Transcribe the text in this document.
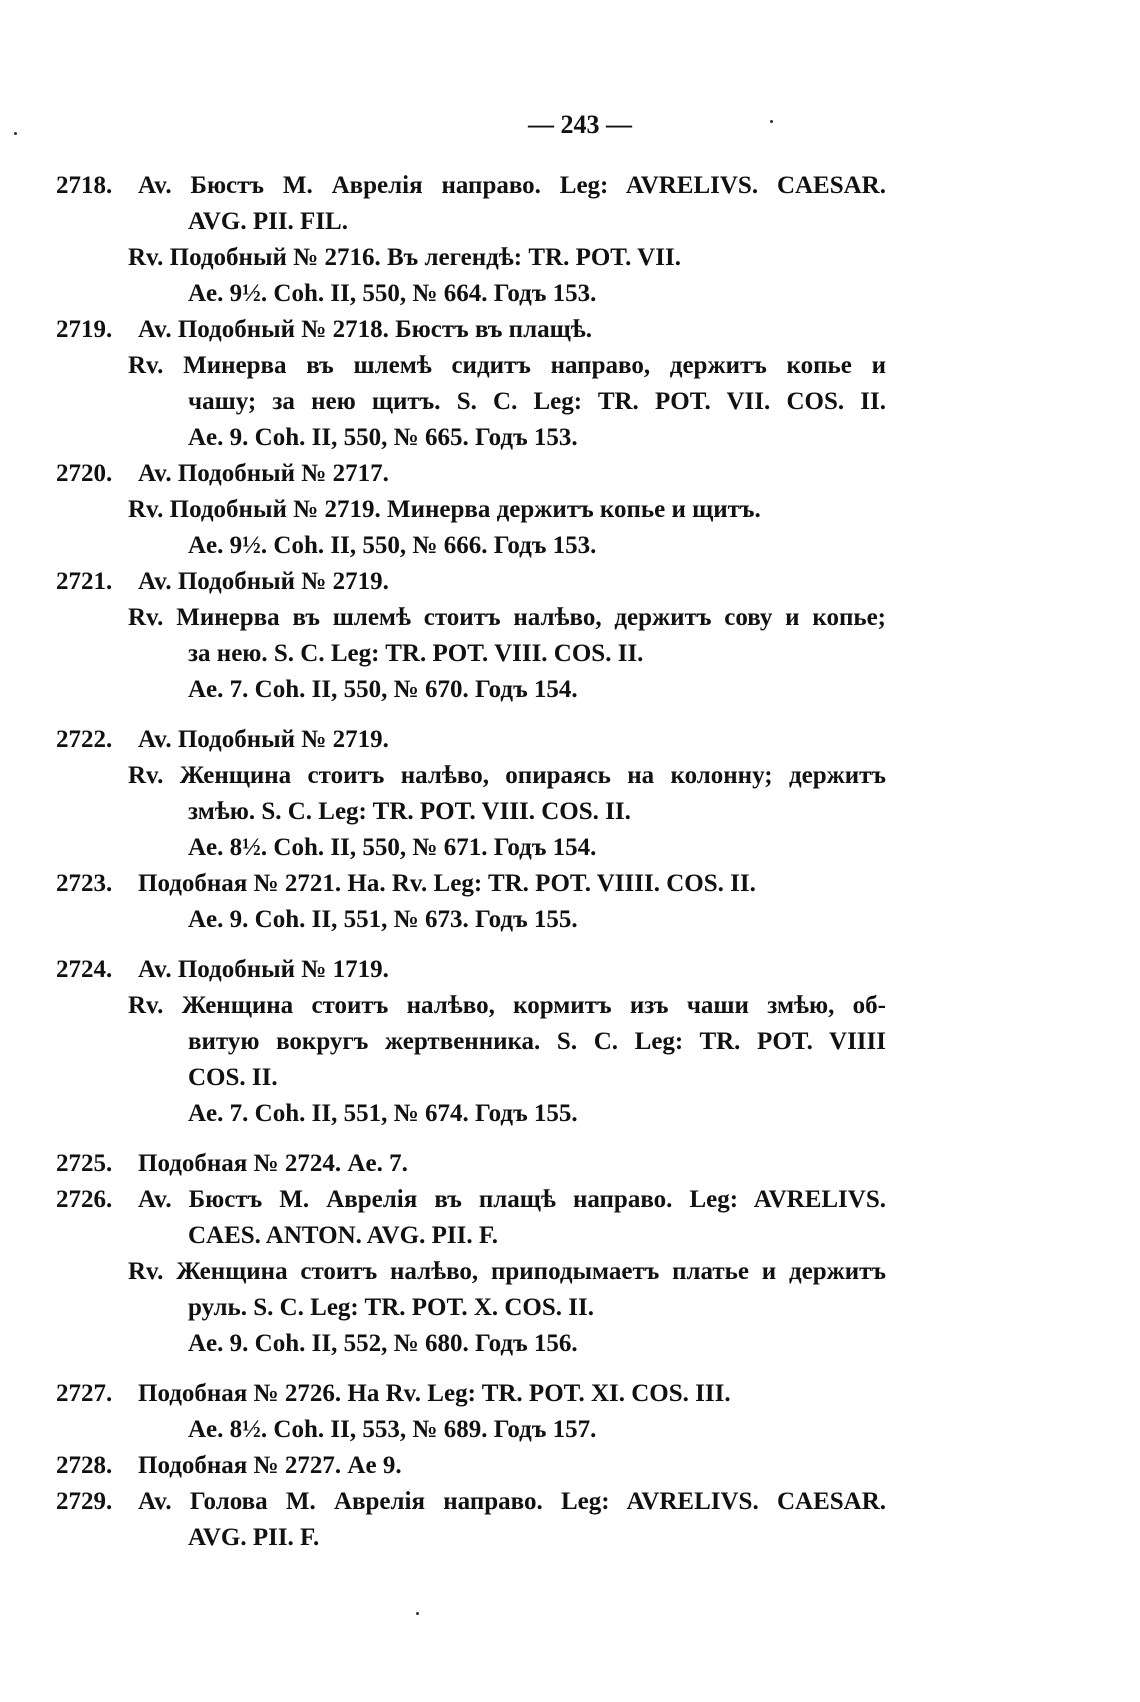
— 243 —
2718. Av. Бюстъ M. Аврелія направо. Leg: AVRELIVS. CAESAR.
AVG. PII. FIL.
Rv. Подобный № 2716. Въ легендѣ: TR. POT. VII.
Ae. 9½. Coh. II, 550, № 664. Годъ 153.
2719. Av. Подобный № 2718. Бюстъ въ плащѣ.
Rv. Минерва въ шлемѣ сидитъ направо, держитъ копье и
чашу; за нею щитъ. S. C. Leg: TR. POT. VII. COS. II.
Ae. 9. Coh. II, 550, № 665. Годъ 153.
2720. Av. Подобный № 2717.
Rv. Подобный № 2719. Минерва держитъ копье и щитъ.
Ae. 9½. Coh. II, 550, № 666. Годъ 153.
2721. Av. Подобный № 2719.
Rv. Минерва въ шлемѣ стоитъ налѣво, держитъ сову и копье;
за нею. S. C. Leg: TR. POT. VIII. COS. II.
Ae. 7. Coh. II, 550, № 670. Годъ 154.
2722. Av. Подобный № 2719.
Rv. Женщина стоитъ налѣво, опираясь на колонну; держитъ
змѣю. S. C. Leg: TR. POT. VIII. COS. II.
Ae. 8½. Coh. II, 550, № 671. Годъ 154.
2723. Подобная № 2721. На. Rv. Leg: TR. POT. VIIII. COS. II.
Ae. 9. Coh. II, 551, № 673. Годъ 155.
2724. Av. Подобный № 1719.
Rv. Женщина стоитъ налѣво, кормитъ изъ чаши змѣю, об-
витую вокругъ жертвенника. S. C. Leg: TR. POT. VIIII
COS. II.
Ae. 7. Coh. II, 551, № 674. Годъ 155.
2725. Подобная № 2724. Ae. 7.
2726. Av. Бюстъ M. Аврелія въ плащѣ направо. Leg: AVRELIVS.
CAES. ANTON. AVG. PII. F.
Rv. Женщина стоитъ налѣво, приподымаетъ платье и держитъ
руль. S. C. Leg: TR. POT. X. COS. II.
Ae. 9. Coh. II, 552, № 680. Годъ 156.
2727. Подобная № 2726. На Rv. Leg: TR. POT. XI. COS. III.
Ae. 8½. Coh. II, 553, № 689. Годъ 157.
2728. Подобная № 2727. Ae 9.
2729. Av. Голова M. Аврелія направо. Leg: AVRELIVS. CAESAR.
AVG. PII. F.
